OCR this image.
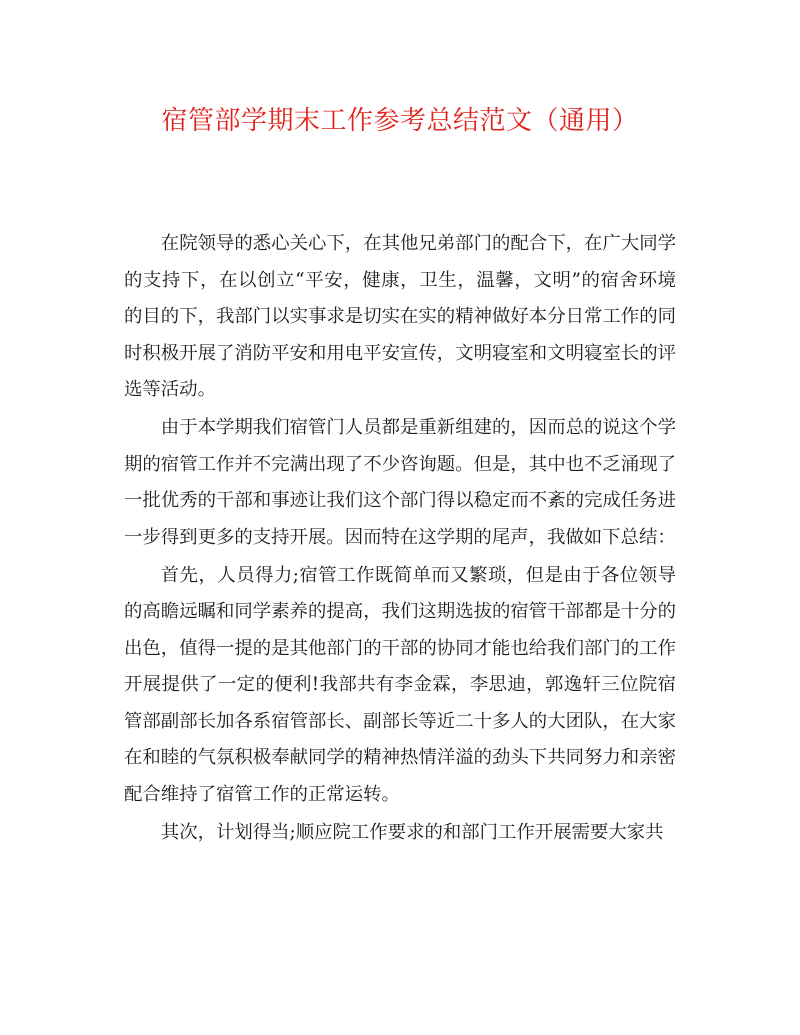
宿管部学期末工作参考总结范文（通用）

在院领导的悉心关心下，在其他兄弟部门的配合下，在广大同学的支持下，在以创立“平安，健康，卫生，温馨，文明”的宿舍环境的目的下，我部门以实事求是切实在实的精神做好本分日常工作的同时积极开展了消防平安和用电平安宣传，文明寝室和文明寝室长的评选等活动。

由于本学期我们宿管门人员都是重新组建的，因而总的说这个学期的宿管工作并不完满出现了不少咨询题。但是，其中也不乏涌现了一批优秀的干部和事迹让我们这个部门得以稳定而不紊的完成任务进一步得到更多的支持开展。因而特在这学期的尾声，我做如下总结：

首先，人员得力;宿管工作既简单而又繁琐，但是由于各位领导的高瞻远瞩和同学素养的提高，我们这期选拔的宿管干部都是十分的出色，值得一提的是其他部门的干部的协同才能也给我们部门的工作开展提供了一定的便利!我部共有李金霖，李思迪，郭逸轩三位院宿管部副部长加各系宿管部长、副部长等近二十多人的大团队，在大家在和睦的气氛积极奉献同学的精神热情洋溢的劲头下共同努力和亲密配合维持了宿管工作的正常运转。

其次，计划得当;顺应院工作要求的和部门工作开展需要大家共
